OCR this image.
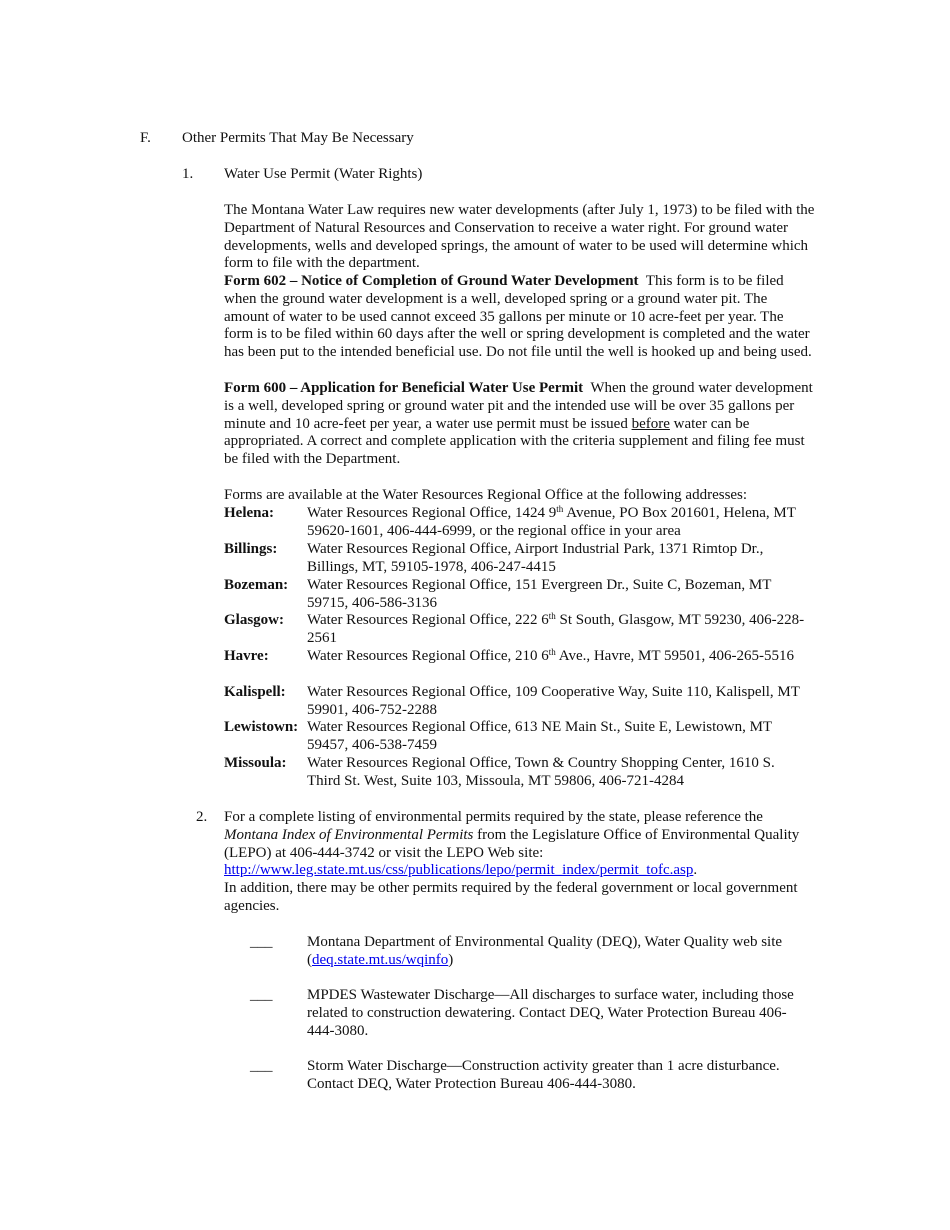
F. Other Permits That May Be Necessary
1. Water Use Permit (Water Rights)

The Montana Water Law requires new water developments (after July 1, 1973) to be filed with the Department of Natural Resources and Conservation to receive a water right. For ground water developments, wells and developed springs, the amount of water to be used will determine which form to file with the department.

Form 602 – Notice of Completion of Ground Water Development This form is to be filed when the ground water development is a well, developed spring or a ground water pit. The amount of water to be used cannot exceed 35 gallons per minute or 10 acre-feet per year. The form is to be filed within 60 days after the well or spring development is completed and the water has been put to the intended beneficial use. Do not file until the well is hooked up and being used.

Form 600 – Application for Beneficial Water Use Permit When the ground water development is a well, developed spring or ground water pit and the intended use will be over 35 gallons per minute and 10 acre-feet per year, a water use permit must be issued before water can be appropriated. A correct and complete application with the criteria supplement and filing fee must be filed with the Department.

Forms are available at the Water Resources Regional Office at the following addresses:

Helena: Water Resources Regional Office, 1424 9th Avenue, PO Box 201601, Helena, MT 59620-1601, 406-444-6999, or the regional office in your area
Billings: Water Resources Regional Office, Airport Industrial Park, 1371 Rimtop Dr., Billings, MT, 59105-1978, 406-247-4415
Bozeman: Water Resources Regional Office, 151 Evergreen Dr., Suite C, Bozeman, MT 59715, 406-586-3136
Glasgow: Water Resources Regional Office, 222 6th St South, Glasgow, MT 59230, 406-228-2561
Havre:	Water Resources Regional Office, 210 6th Ave., Havre, MT 59501, 406-265-5516
Kalispell: Water Resources Regional Office, 109 Cooperative Way, Suite 110, Kalispell, MT 59901, 406-752-2288
Lewistown: Water Resources Regional Office, 613 NE Main St., Suite E, Lewistown, MT 59457, 406-538-7459
Missoula: Water Resources Regional Office, Town & Country Shopping Center, 1610 S. Third St. West, Suite 103, Missoula, MT 59806, 406-721-4284
2. For a complete listing of environmental permits required by the state, please reference the Montana Index of Environmental Permits from the Legislature Office of Environmental Quality (LEPO) at 406-444-3742 or visit the LEPO Web site:
http://www.leg.state.mt.us/css/publications/lepo/permit_index/permit_tofc.asp.
In addition, there may be other permits required by the federal government or local government agencies.

___ Montana Department of Environmental Quality (DEQ), Water Quality web site
(deq.state.mt.us/wqinfo)
___ MPDES Wastewater Discharge—All discharges to surface water, including those related to construction dewatering. Contact DEQ, Water Protection Bureau 406-444-3080.
___ Storm Water Discharge—Construction activity greater than 1 acre disturbance. Contact DEQ, Water Protection Bureau 406-444-3080.
